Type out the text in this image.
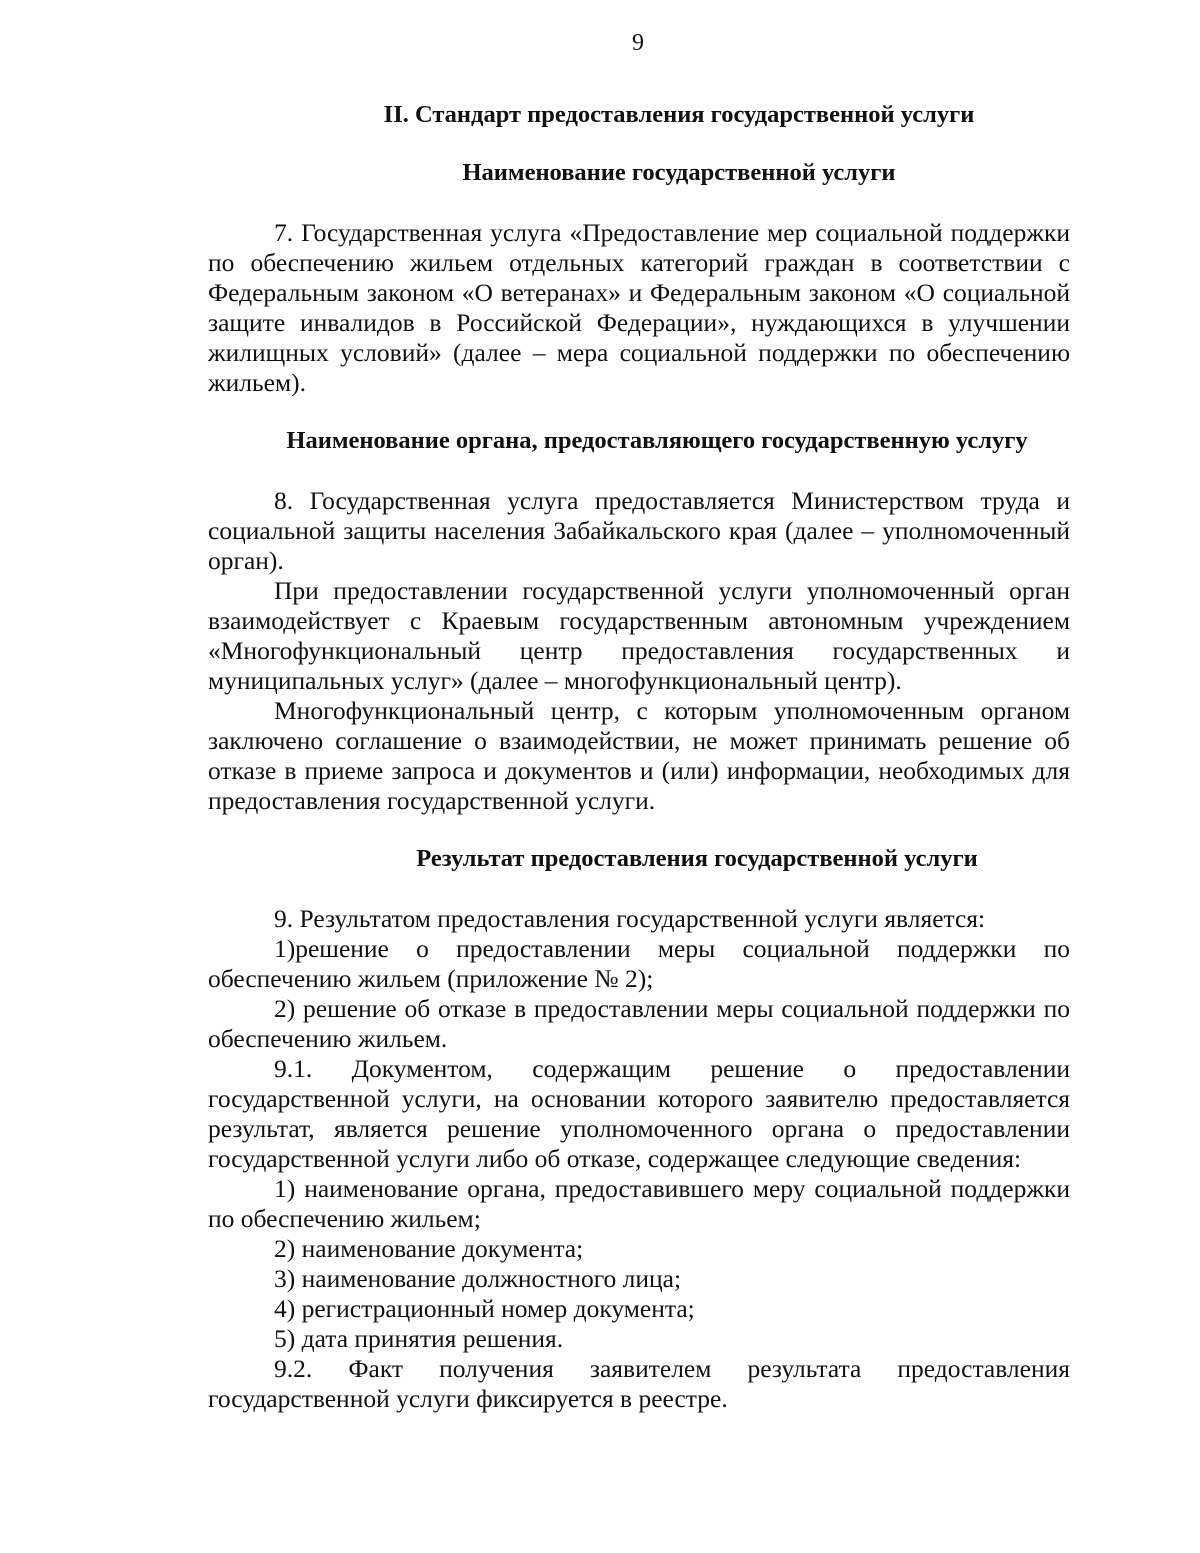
9
II. Стандарт предоставления государственной услуги
Наименование государственной услуги

7. Государственная услуга «Предоставление мер социальной поддержки по обеспечению жильем отдельных категорий граждан в соответствии с Федеральным законом «О ветеранах» и Федеральным законом «О социальной защите инвалидов в Российской Федерации», нуждающихся в улучшении жилищных условий» (далее – мера социальной поддержки по обеспечению жильем).

Наименование органа, предоставляющего государственную услугу

8. Государственная услуга предоставляется Министерством труда и социальной защиты населения Забайкальского края (далее – уполномоченный орган).

При предоставлении государственной услуги уполномоченный орган взаимодействует с Краевым государственным автономным учреждением «Многофункциональный центр предоставления государственных и муниципальных услуг» (далее – многофункциональный центр).

Многофункциональный центр, с которым уполномоченным органом заключено соглашение о взаимодействии, не может принимать решение об отказе в приеме запроса и документов и (или) информации, необходимых для предоставления государственной услуги.

Результат предоставления государственной услуги

9. Результатом предоставления государственной услуги является:

1)решение о предоставлении меры социальной поддержки по обеспечению жильем (приложение № 2);

2) решение об отказе в предоставлении меры социальной поддержки по обеспечению жильем.

9.1. Документом, содержащим решение о предоставлении государственной услуги, на основании которого заявителю предоставляется результат, является решение уполномоченного органа о предоставлении государственной услуги либо об отказе, содержащее следующие сведения:

1) наименование органа, предоставившего меру социальной поддержки по обеспечению жильем;

2) наименование документа;

3) наименование должностного лица;

4) регистрационный номер документа;

5) дата принятия решения.

9.2. Факт получения заявителем результата предоставления государственной услуги фиксируется в реестре.
